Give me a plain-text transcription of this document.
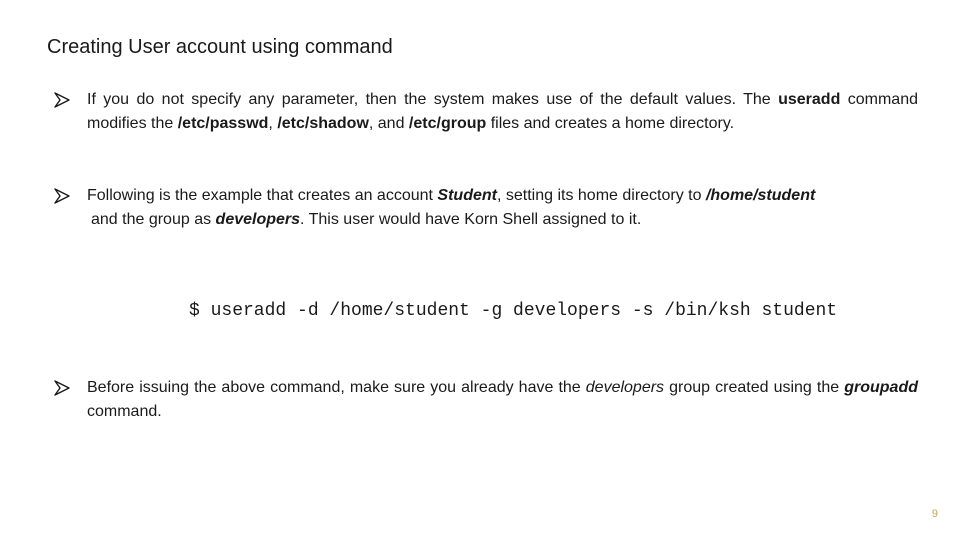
Creating User account using command
If you do not specify any parameter, then the system makes use of the default values. The useradd command modifies the /etc/passwd, /etc/shadow, and /etc/group files and creates a home directory.
Following is the example that creates an account Student, setting its home directory to /home/student
and the group as developers. This user would have Korn Shell assigned to it.
$ useradd -d /home/student -g developers -s /bin/ksh student
Before issuing the above command, make sure you already have the developers group created using the groupadd command.
9
